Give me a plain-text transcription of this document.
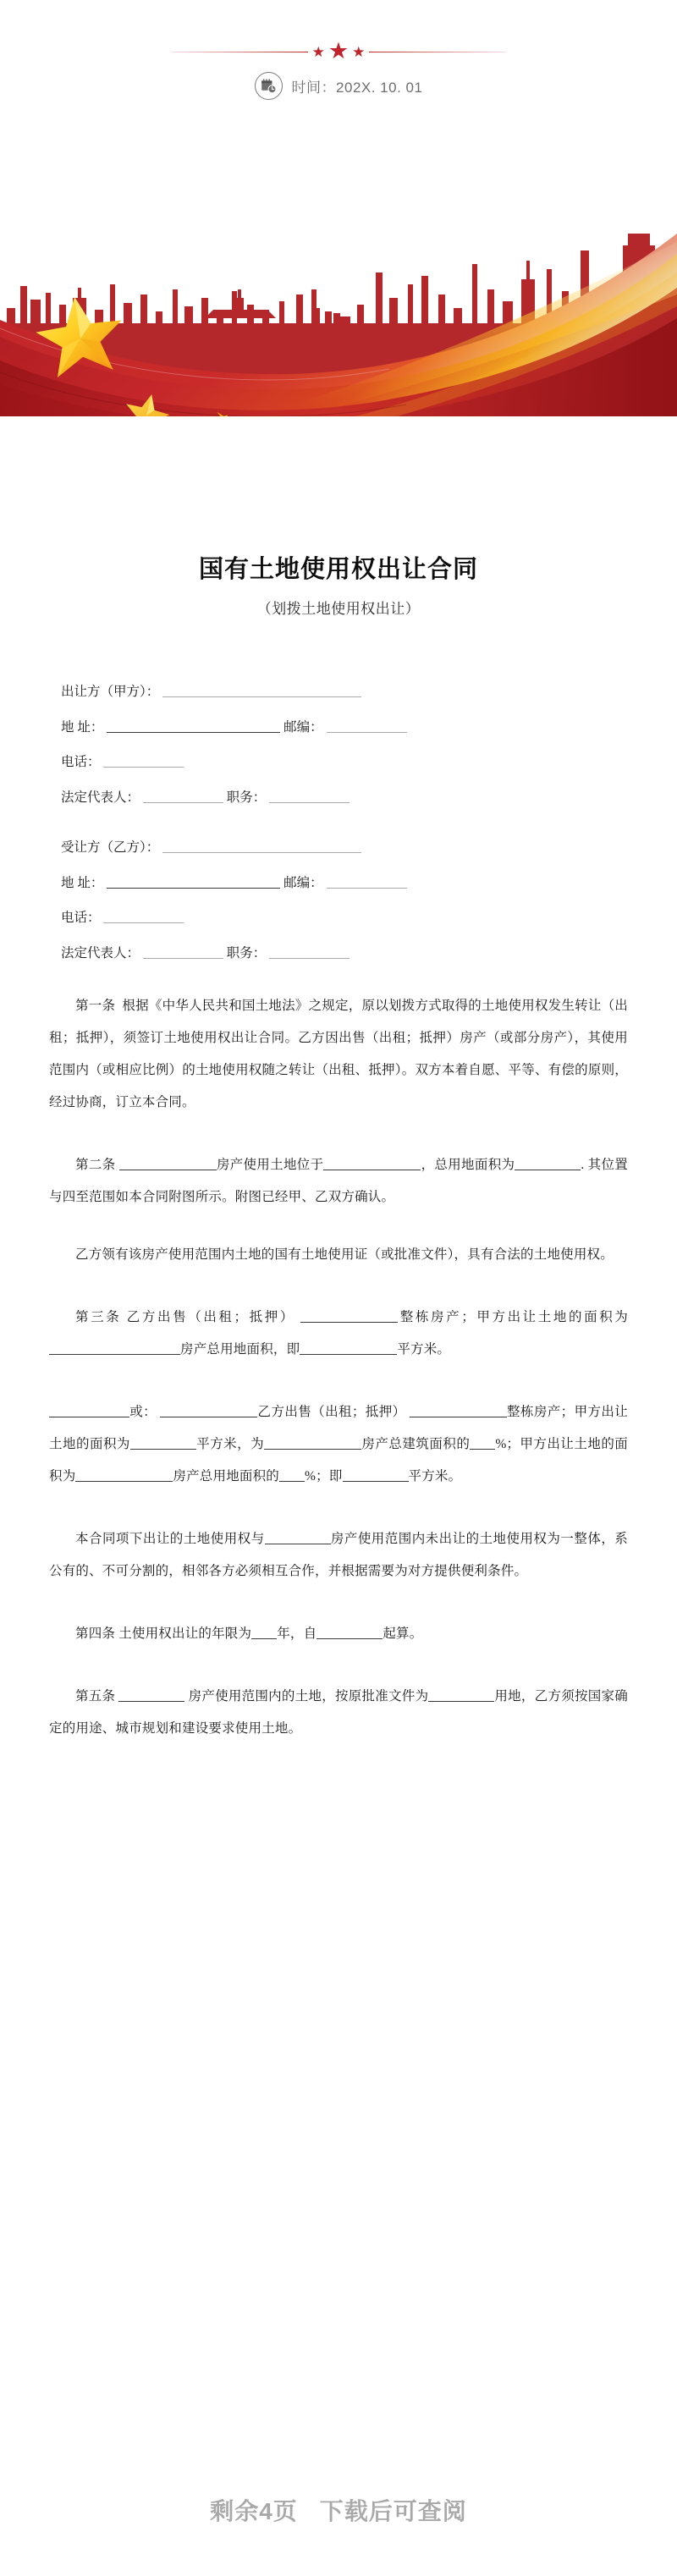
★ ★ ★
时间：202X. 10. 01
国有土地使用权出让合同
（划拨土地使用权出让）
出让方（甲方）：
地 址：	邮编：
电话：
法定代表人：	职务：
受让方（乙方）：
地 址：	邮编：
电话：
法定代表人：	职务：

第一条 根据《中华人民共和国土地法》之规定，原以划拨方式取得的土地使用权发生转让（出租；抵押），须签订土地使用权出让合同。乙方因出售（出租；抵押）房产（或部分房产），其使用范围内（或相应比例）的土地使用权随之转让（出租、抵押）。双方本着自愿、平等、有偿的原则，经过协商，订立本合同。

第二条	房产使用土地位于	，总用地面积为	. 其位置与四至范围如本合同附图所示。附图已经甲、乙双方确认。

乙方领有该房产使用范围内土地的国有土地使用证（或批准文件），具有合法的土地使用权。

第三条 乙方出售（出租；抵押）	整栋房产；甲方出让土地的面积为房产总用地面积，即	平方米。

或：	乙方出售（出租；抵押）	整栋房产；甲方出让土地的面积为	平方米，为	房产总建筑面积的 %；甲方出让土地的面积为	房产总用地面积的 %；即	平方米。

本合同项下出让的土地使用权与	房产使用范围内未出让的土地使用权为一整体，系公有的、不可分割的，相邻各方必须相互合作，并根据需要为对方提供便利条件。

第四条 土使用权出让的年限为 年，自	起算。

第五条	房产使用范围内的土地，按原批准文件为	用地，乙方须按国家确定的用途、城市规划和建设要求使用土地。

剩余4页 下载后可查阅
